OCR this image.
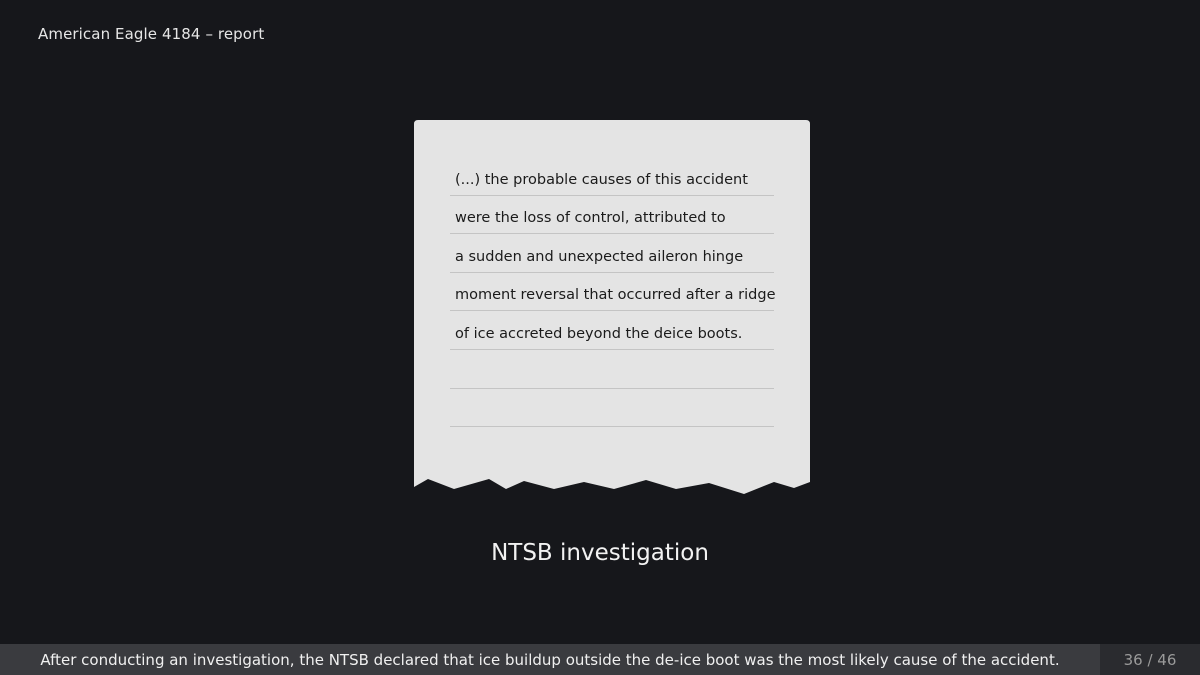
American Eagle 4184 – report
(...) the probable causes of this accident
were the loss of control, attributed to
a sudden and unexpected aileron hinge
moment reversal that occurred after a ridge
of ice accreted beyond the deice boots.
NTSB investigation
After conducting an investigation, the NTSB declared that ice buildup outside the de-ice boot was the most likely cause of the accident.	36 / 46
